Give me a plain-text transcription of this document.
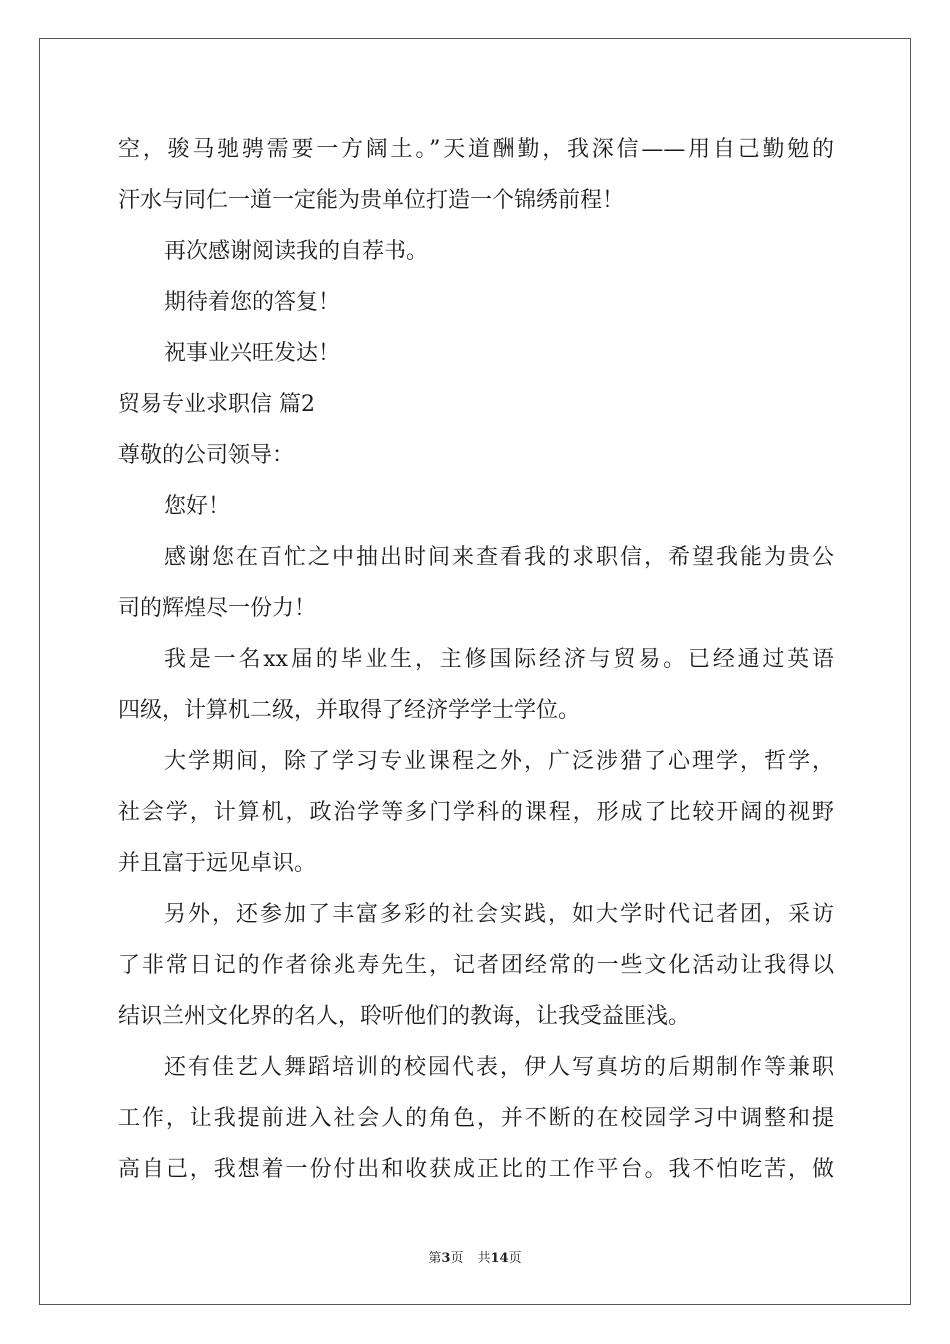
空，骏马驰骋需要一方阔土。”天道酬勤，我深信——用自己勤勉的
汗水与同仁一道一定能为贵单位打造一个锦绣前程！
再次感谢阅读我的自荐书。
期待着您的答复！
祝事业兴旺发达！
贸易专业求职信 篇2
尊敬的公司领导：
您好！
感谢您在百忙之中抽出时间来查看我的求职信，希望我能为贵公
司的辉煌尽一份力！
我是一名xx届的毕业生，主修国际经济与贸易。已经通过英语
四级，计算机二级，并取得了经济学学士学位。
大学期间，除了学习专业课程之外，广泛涉猎了心理学，哲学，
社会学，计算机，政治学等多门学科的课程，形成了比较开阔的视野
并且富于远见卓识。
另外，还参加了丰富多彩的社会实践，如大学时代记者团，采访
了非常日记的作者徐兆寿先生，记者团经常的一些文化活动让我得以
结识兰州文化界的名人，聆听他们的教诲，让我受益匪浅。
还有佳艺人舞蹈培训的校园代表，伊人写真坊的后期制作等兼职
工作，让我提前进入社会人的角色，并不断的在校园学习中调整和提
高自己，我想着一份付出和收获成正比的工作平台。我不怕吃苦，做
第3页 共14页
